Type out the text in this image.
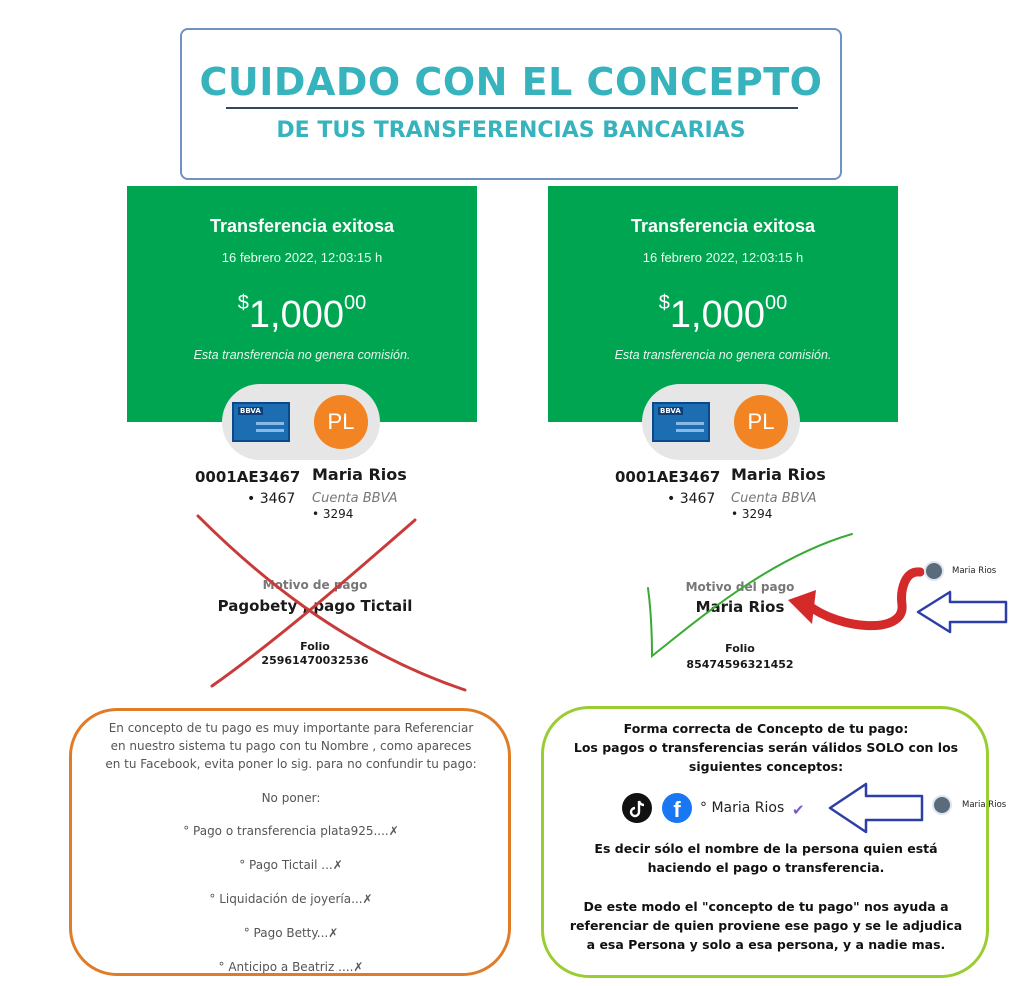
CUIDADO CON EL CONCEPTO
DE TUS TRANSFERENCIAS BANCARIAS
Transferencia exitosa
16 febrero 2022, 12:03:15 h
$1,00000
Esta transferencia no genera comisión.
BBVA	PL
0001AE3467
• 3467
Maria Rios
Cuenta BBVA
• 3294
Motivo de pago
Pagobety , pago Tictail
Folio
25961470032536
Transferencia exitosa
16 febrero 2022, 12:03:15 h
$1,00000
Esta transferencia no genera comisión.
BBVA	PL
0001AE3467
• 3467
Maria Rios
Cuenta BBVA
• 3294
Motivo del pago
Maria Rios
Folio
85474596321452
Maria Rios
En concepto de tu pago es muy importante para Referenciar en nuestro sistema tu pago con tu Nombre , como apareces en tu Facebook, evita poner lo sig. para no confundir tu pago:
No poner:
° Pago o transferencia plata925....✗
° Pago Tictail ...✗
° Liquidación de joyería...✗
° Pago Betty...✗
° Anticipo a Beatriz ....✗
Forma correcta de Concepto de tu pago:
Los pagos o transferencias serán válidos SOLO con los siguientes conceptos:
f	° Maria Rios ✔
Es decir sólo el nombre de la persona quien está haciendo el pago o transferencia.
De este modo el "concepto de tu pago" nos ayuda a referenciar de quien proviene ese pago y se le adjudica a esa Persona y solo a esa persona, y a nadie mas.
Maria Rios
